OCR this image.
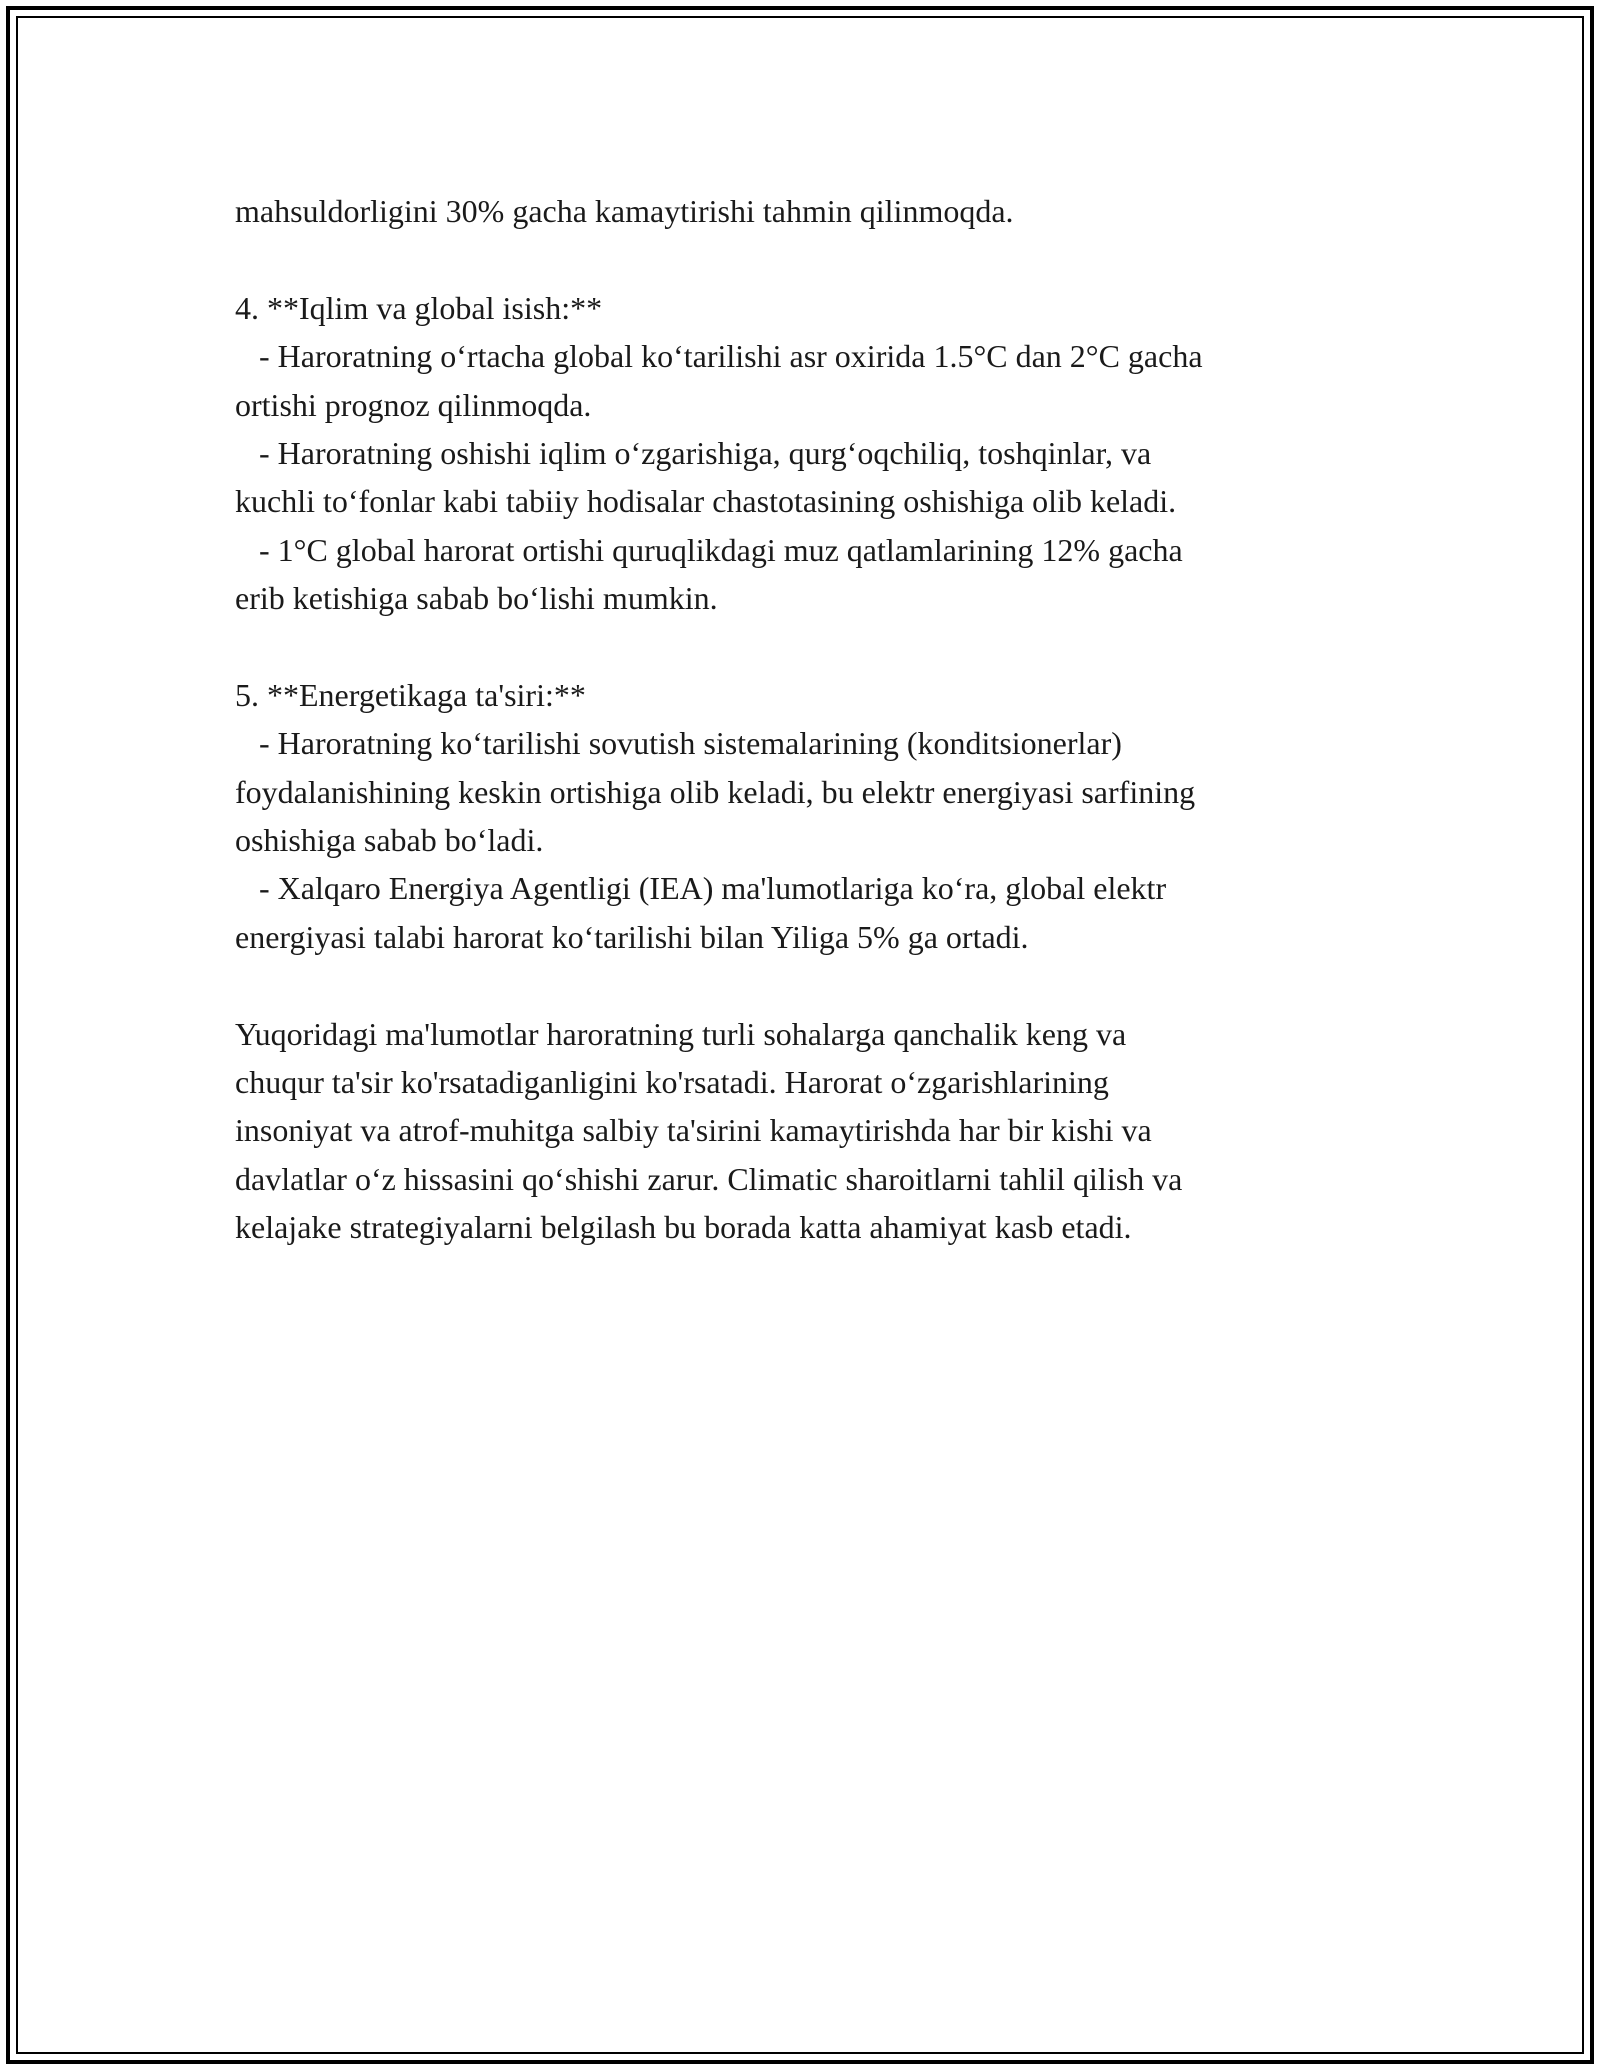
mahsuldorligini 30% gacha kamaytirishi tahmin qilinmoqda.

4. **Iqlim va global isish:**

- Haroratning o‘rtacha global ko‘tarilishi asr oxirida 1.5°C dan 2°C gacha

ortishi prognoz qilinmoqda.

- Haroratning oshishi iqlim o‘zgarishiga, qurg‘oqchiliq, toshqinlar, va

kuchli to‘fonlar kabi tabiiy hodisalar chastotasining oshishiga olib keladi.

- 1°C global harorat ortishi quruqlikdagi muz qatlamlarining 12% gacha

erib ketishiga sabab bo‘lishi mumkin.

5. **Energetikaga ta'siri:**

- Haroratning ko‘tarilishi sovutish sistemalarining (konditsionerlar)

foydalanishining keskin ortishiga olib keladi, bu elektr energiyasi sarfining

oshishiga sabab bo‘ladi.

- Xalqaro Energiya Agentligi (IEA) ma'lumotlariga ko‘ra, global elektr

energiyasi talabi harorat ko‘tarilishi bilan Yiliga 5% ga ortadi.

Yuqoridagi ma'lumotlar haroratning turli sohalarga qanchalik keng va

chuqur ta'sir ko'rsatadiganligini ko'rsatadi. Harorat o‘zgarishlarining

insoniyat va atrof-muhitga salbiy ta'sirini kamaytirishda har bir kishi va

davlatlar o‘z hissasini qo‘shishi zarur. Climatic sharoitlarni tahlil qilish va

kelajake strategiyalarni belgilash bu borada katta ahamiyat kasb etadi.
